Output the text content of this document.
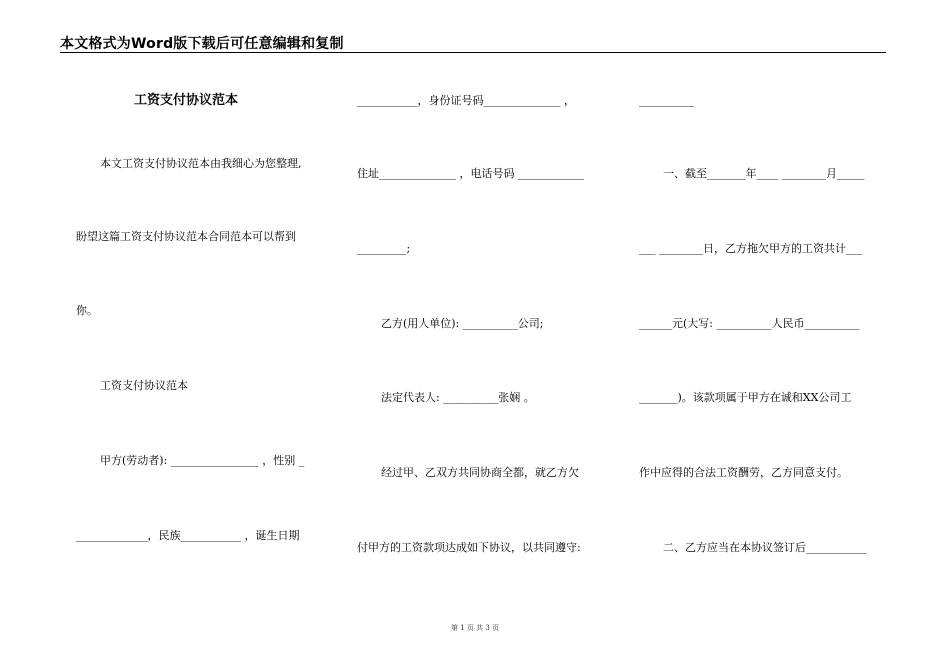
本文格式为Word版下载后可任意编辑和复制
工资支付协议范本
本文工资支付协议范本由我细心为您整理,
盼望这篇工资支付协议范本合同范本可以帮到
你。
工资支付协议范本
甲方(劳动者): ________________ ，性别 _
_____________，民族___________ ，诞生日期
___________，身份证号码______________ ，
住址______________ ，电话号码 ____________
_________;
乙方(用人单位): __________公司;
法定代表人: __________张娴 。
经过甲、乙双方共同协商全都，就乙方欠
付甲方的工资款项达成如下协议，以共同遵守:
__________
一、截至_______年____ ________月_____
___ ________日，乙方拖欠甲方的工资共计___
______元(大写: __________人民币__________
_______)。该款项属于甲方在诚和XX公司工
作中应得的合法工资酬劳，乙方同意支付。
二、乙方应当在本协议签订后___________
第 1 页 共 3 页
